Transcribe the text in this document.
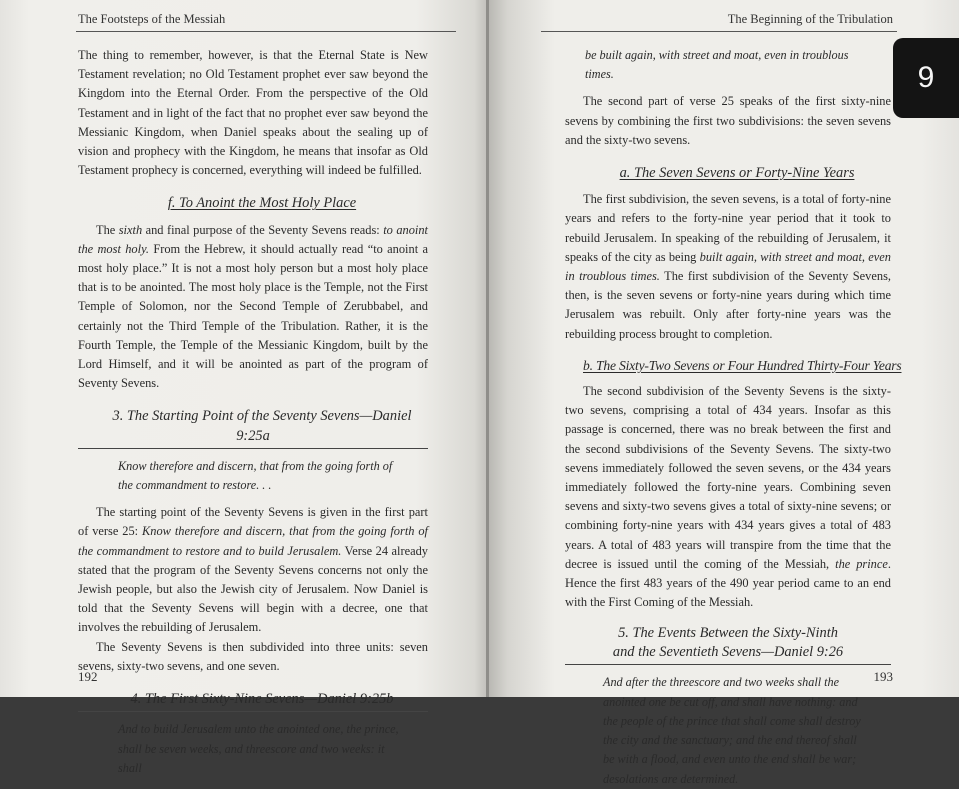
The Footsteps of the Messiah

The thing to remember, however, is that the Eternal State is New Testament revelation; no Old Testament prophet ever saw beyond the Kingdom into the Eternal Order. From the perspective of the Old Testament and in light of the fact that no prophet ever saw beyond the Messianic Kingdom, when Daniel speaks about the sealing up of vision and prophecy with the Kingdom, he means that insofar as Old Testament prophecy is concerned, everything will indeed be fulfilled.

f. To Anoint the Most Holy Place

The sixth and final purpose of the Seventy Sevens reads: to anoint the most holy. From the Hebrew, it should actually read “to anoint a most holy place.” It is not a most holy person but a most holy place that is to be anointed. The most holy place is the Temple, not the First Temple of Solomon, nor the Second Temple of Zerubbabel, and certainly not the Third Temple of the Tribulation. Rather, it is the Fourth Temple, the Temple of the Messianic Kingdom, built by the Lord Himself, and it will be anointed as part of the program of Seventy Sevens.

3. The Starting Point of the Seventy Sevens—Daniel 9:25a

Know therefore and discern, that from the going forth of the commandment to restore. . .

The starting point of the Seventy Sevens is given in the first part of verse 25: Know therefore and discern, that from the going forth of the commandment to restore and to build Jerusalem. Verse 24 already stated that the program of the Seventy Sevens concerns not only the Jewish people, but also the Jewish city of Jerusalem. Now Daniel is told that the Seventy Sevens will begin with a decree, one that involves the rebuilding of Jerusalem.

The Seventy Sevens is then subdivided into three units: seven sevens, sixty-two sevens, and one seven.

4. The First Sixty-Nine Sevens—Daniel 9:25b

And to build Jerusalem unto the anointed one, the prince, shall be seven weeks, and threescore and two weeks: it shall

192
The Beginning of the Tribulation
9

be built again, with street and moat, even in troublous times.

The second part of verse 25 speaks of the first sixty-nine sevens by combining the first two subdivisions: the seven sevens and the sixty-two sevens.

a. The Seven Sevens or Forty-Nine Years

The first subdivision, the seven sevens, is a total of forty-nine years and refers to the forty-nine year period that it took to rebuild Jerusalem. In speaking of the rebuilding of Jerusalem, it speaks of the city as being built again, with street and moat, even in troublous times. The first subdivision of the Seventy Sevens, then, is the seven sevens or forty-nine years during which time Jerusalem was rebuilt. Only after forty-nine years was the rebuilding process brought to completion.

b. The Sixty-Two Sevens or Four Hundred Thirty-Four Years

The second subdivision of the Seventy Sevens is the sixty-two sevens, comprising a total of 434 years. Insofar as this passage is concerned, there was no break between the first and the second subdivisions of the Seventy Sevens. The sixty-two sevens immediately followed the seven sevens, or the 434 years immediately followed the forty-nine years. Combining seven sevens and sixty-two sevens gives a total of sixty-nine sevens; or combining forty-nine years with 434 years gives a total of 483 years. A total of 483 years will transpire from the time that the decree is issued until the coming of the Messiah, the prince. Hence the first 483 years of the 490 year period came to an end with the First Coming of the Messiah.

5. The Events Between the Sixty-Ninth
and the Seventieth Sevens—Daniel 9:26

And after the threescore and two weeks shall the anointed one be cut off, and shall have nothing: and the people of the prince that shall come shall destroy the city and the sanctuary; and the end thereof shall be with a flood, and even unto the end shall be war; desolations are determined.

193
